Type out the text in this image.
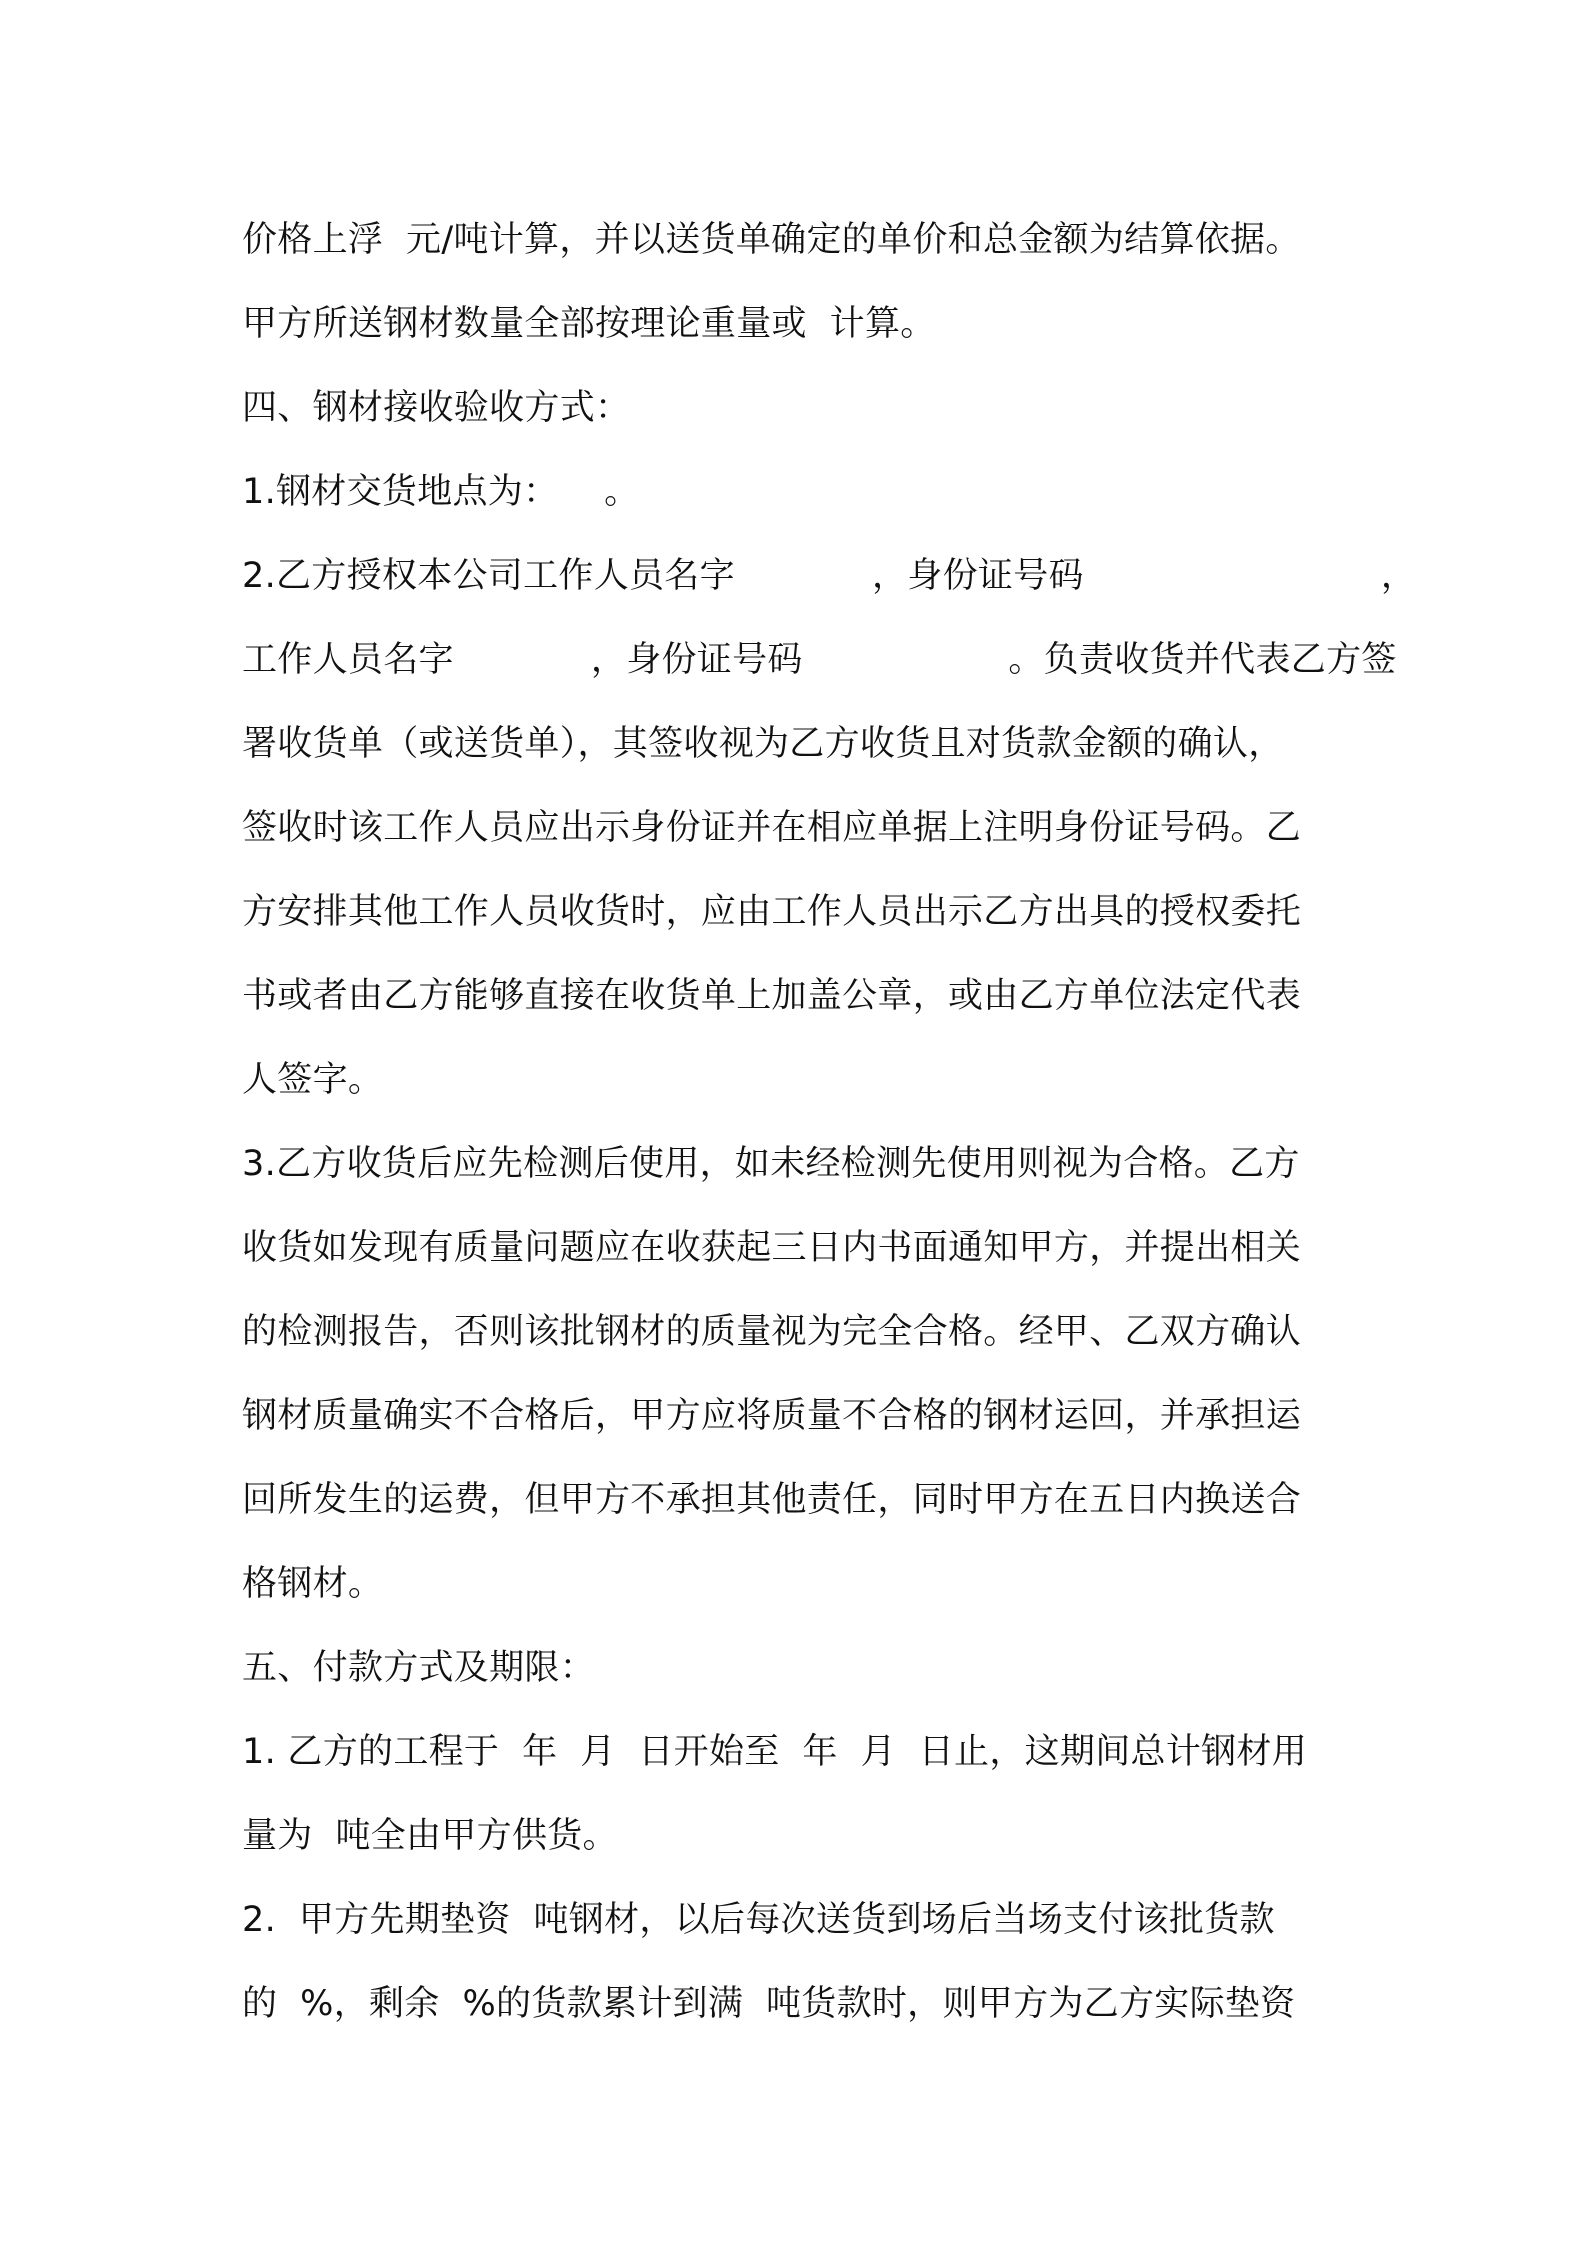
价格上浮  元/吨计算，并以送货单确定的单价和总金额为结算依据。
甲方所送钢材数量全部按理论重量或  计算。
四、钢材接收验收方式：
1.钢材交货地点为：    。
2.乙方授权本公司工作人员名字            ，身份证号码                          ，
工作人员名字            ，身份证号码                  。负责收货并代表乙方签
署收货单（或送货单），其签收视为乙方收货且对货款金额的确认，
签收时该工作人员应出示身份证并在相应单据上注明身份证号码。乙
方安排其他工作人员收货时，应由工作人员出示乙方出具的授权委托
书或者由乙方能够直接在收货单上加盖公章，或由乙方单位法定代表
人签字。
3.乙方收货后应先检测后使用，如未经检测先使用则视为合格。乙方
收货如发现有质量问题应在收获起三日内书面通知甲方，并提出相关
的检测报告，否则该批钢材的质量视为完全合格。经甲、乙双方确认
钢材质量确实不合格后，甲方应将质量不合格的钢材运回，并承担运
回所发生的运费，但甲方不承担其他责任，同时甲方在五日内换送合
格钢材。
五、付款方式及期限：
1. 乙方的工程于  年  月  日开始至  年  月  日止，这期间总计钢材用
量为  吨全由甲方供货。
2.  甲方先期垫资  吨钢材，以后每次送货到场后当场支付该批货款
的  %，剩余  %的货款累计到满  吨货款时，则甲方为乙方实际垫资
